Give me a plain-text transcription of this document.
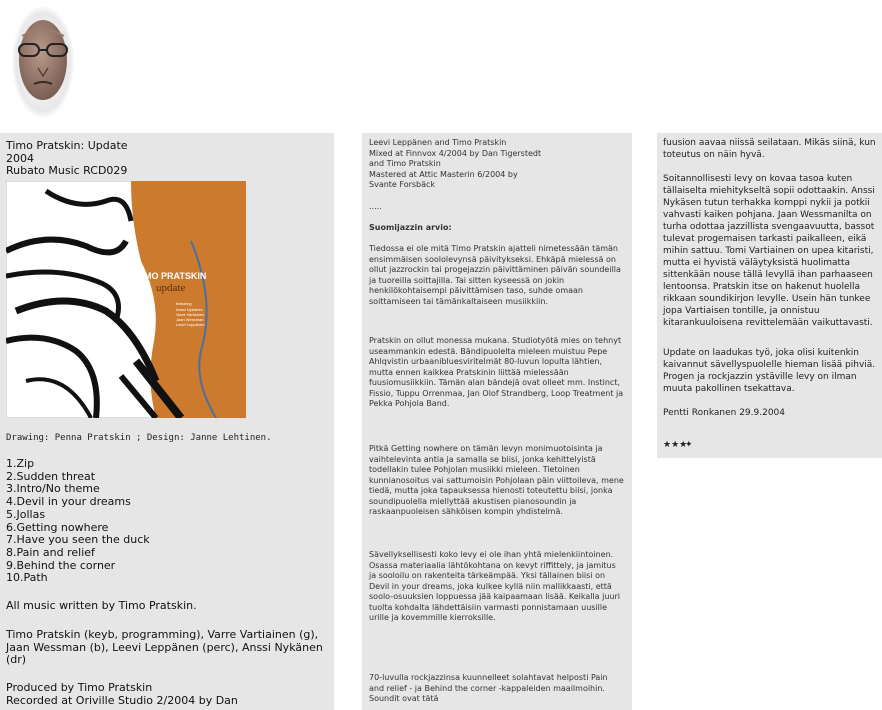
Timo Pratskin: Update
2004
Rubato Music RCD029
TIMO PRATSKIN
update
featuring
Anssi Nykänen
Varre Vartiainen
Jaan Wessman
Leevi Leppänen
Drawing: Penna Pratskin ; Design: Janne Lehtinen.
1.Zip
2.Sudden threat
3.Intro/No theme
4.Devil in your dreams
5.Jollas
6.Getting nowhere
7.Have you seen the duck
8.Pain and relief
9.Behind the corner
10.Path
All music written by Timo Pratskin.
Timo Pratskin (keyb, programming), Varre Vartiainen (g), Jaan Wessman (b), Leevi Leppänen (perc), Anssi Nykänen (dr)
Produced by Timo Pratskin
Recorded at Oriville Studio 2/2004 by Dan
Leevi Leppänen and Timo Pratskin
Mixed at Finnvox 4/2004 by Dan Tigerstedt
and Timo Pratskin
Mastered at Attic Masterin 6/2004 by
Svante Forsbäck
.....
Suomijazzin arvio:
Tiedossa ei ole mitä Timo Pratskin ajatteli nimetessään tämän ensimmäisen soololevynsä päivitykseksi. Ehkäpä mielessä on ollut jazzrockin tai progejazzin päivittäminen päivän soundeilla ja tuoreilla soittajilla. Tai sitten kyseessä on jokin henkilökohtaisempi päivittämisen taso, suhde omaan soittamiseen tai tämänkaltaiseen musiikkiin.
Pratskin on ollut monessa mukana. Studiotyötä mies on tehnyt useammankin edestä. Bändipuolelta mieleen muistuu Pepe Ahlqvistin urbaanibluesviritelmät 80-luvun lopulta lähtien, mutta ennen kaikkea Pratskinin liittää mielessään fuusiomusiikkiin. Tämän alan bändejä ovat olleet mm. Instinct, Fissio, Tuppu Orrenmaa, Jan Olof Strandberg, Loop Treatment ja Pekka Pohjola Band.
Pitkä Getting nowhere on tämän levyn monimuotoisinta ja vaihtelevinta antia ja samalla se biisi, jonka kehittelyistä todellakin tulee Pohjolan musiikki mieleen. Tietoinen kunnianosoitus vai sattumoisin Pohjolaan päin viittoileva, mene tiedä, mutta joka tapauksessa hienosti toteutettu biisi, jonka soundipuolella miellyttää akustisen pianosoundin ja raskaanpuoleisen sähköisen kompin yhdistelmä.
Sävellyksellisesti koko levy ei ole ihan yhtä mielenkiintoinen. Osassa materiaalia lähtökohtana on kevyt riffittely, ja jamitus ja sooloilu on rakenteita tärkeämpää. Yksi tällainen biisi on Devil in your dreams, joka kulkee kyllä niin mallikkaasti, että soolo-osuuksien loppuessa jää kaipaamaan lisää. Keikalla juuri tuolta kohdalta lähdettäisiin varmasti ponnistamaan uusille urille ja kovemmille kierroksille.
70-luvulla rockjazzinsa kuunnelleet solahtavat helposti Pain and relief - ja Behind the corner -kappaleiden maailmoihin. Soundit ovat tätä
fuusion aavaa niissä seilataan. Mikäs siinä, kun toteutus on näin hyvä.
Soitannollisesti levy on kovaa tasoa kuten tällaiselta miehitykseltä sopii odottaakin. Anssi Nykäsen tutun terhakka komppi nykii ja potkii vahvasti kaiken pohjana. Jaan Wessmanilta on turha odottaa jazzillista svengaavuutta, bassot tulevat progemaisen tarkasti paikalleen, eikä mihin sattuu. Tomi Vartiainen on upea kitaristi, mutta ei hyvistä väläytyksistä huolimatta sittenkään nouse tällä levyllä ihan parhaaseen lentoonsa. Pratskin itse on hakenut huolella rikkaan soundikirjon levylle. Usein hän tunkee jopa Vartiaisen tontille, ja onnistuu kitarankuuloisena revittelemään vaikuttavasti.
Update on laadukas työ, joka olisi kuitenkin kaivannut sävellyspuolelle hieman lisää pihviä. Progen ja rockjazzin ystäville levy on ilman muuta pakollinen tsekattava.
Pentti Ronkanen 29.9.2004
★★★
✦
